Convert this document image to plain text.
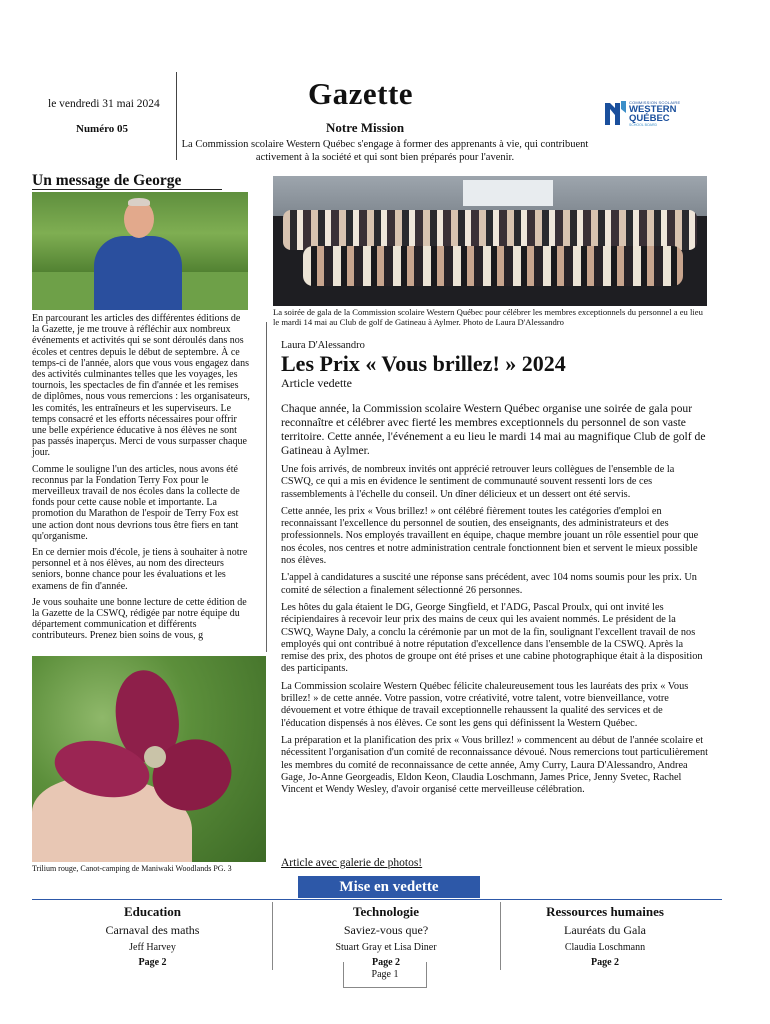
le vendredi 31 mai 2024
Numéro 05
Gazette
Notre Mission
La Commission scolaire Western Québec s'engage à former des apprenants à vie, qui contribuent activement à la société et qui sont bien préparés pour l'avenir.
COMMISSION SCOLAIRE
WESTERN
QUÉBEC
SCHOOL BOARD
Un message de George

En parcourant les articles des différentes éditions de la Gazette, je me trouve à réfléchir aux nombreux événements et activités qui se sont déroulés dans nos écoles et centres depuis le début de septembre. À ce temps-ci de l'année, alors que vous vous engagez dans des activités culminantes telles que les voyages, les tournois, les spectacles de fin d'année et les remises de diplômes, nous vous remercions : les organisateurs, les comités, les entraîneurs et les superviseurs. Le temps consacré et les efforts nécessaires pour offrir une belle expérience éducative à nos élèves ne sont pas passés inaperçus. Merci de vous surpasser chaque jour.

Comme le souligne l'un des articles, nous avons été reconnus par la Fondation Terry Fox pour le merveilleux travail de nos écoles dans la collecte de fonds pour cette cause noble et importante. La promotion du Marathon de l'espoir de Terry Fox est une action dont nous devrions tous être fiers en tant qu'organisme.

En ce dernier mois d'école, je tiens à souhaiter à notre personnel et à nos élèves, au nom des directeurs seniors, bonne chance pour les évaluations et les examens de fin d'année.

Je vous souhaite une bonne lecture de cette édition de la Gazette de la CSWQ, rédigée par notre équipe du département communication et différents contributeurs. Prenez bien soins de vous, g

Trilium rouge, Canot-camping de Maniwaki Woodlands PG. 3
La soirée de gala de la Commission scolaire Western Québec pour célébrer les membres exceptionnels du personnel a eu lieu le mardi 14 mai au Club de golf de Gatineau à Aylmer. Photo de Laura D'Alessandro
Laura D'Alessandro
Les Prix « Vous brillez! » 2024
Article vedette

Chaque année, la Commission scolaire Western Québec organise une soirée de gala pour reconnaître et célébrer avec fierté les membres exceptionnels du personnel de son vaste territoire. Cette année, l'événement a eu lieu le mardi 14 mai au magnifique Club de golf de Gatineau à Aylmer.

Une fois arrivés, de nombreux invités ont apprécié retrouver leurs collègues de l'ensemble de la CSWQ, ce qui a mis en évidence le sentiment de communauté souvent ressenti lors de ces rassemblements à l'échelle du conseil. Un dîner délicieux et un dessert ont été servis.

Cette année, les prix « Vous brillez! » ont célébré fièrement toutes les catégories d'emploi en reconnaissant l'excellence du personnel de soutien, des enseignants, des administrateurs et des professionnels. Nos employés travaillent en équipe, chaque membre jouant un rôle essentiel pour que nos écoles, nos centres et notre administration centrale fonctionnent bien et servent le mieux possible nos élèves.

L'appel à candidatures a suscité une réponse sans précédent, avec 104 noms soumis pour les prix. Un comité de sélection a finalement sélectionné 26 personnes.

Les hôtes du gala étaient le DG, George Singfield, et l'ADG, Pascal Proulx, qui ont invité les récipiendaires à recevoir leur prix des mains de ceux qui les avaient nommés. Le président de la CSWQ, Wayne Daly, a conclu la cérémonie par un mot de la fin, soulignant l'excellent travail de nos employés qui ont contribué à notre réputation d'excellence dans l'ensemble de la CSWQ. Après la remise des prix, des photos de groupe ont été prises et une cabine photographique était à la disposition des participants.

La Commission scolaire Western Québec félicite chaleureusement tous les lauréats des prix « Vous brillez! » de cette année. Votre passion, votre créativité, votre talent, votre bienveillance, votre dévouement et votre éthique de travail exceptionnelle rehaussent la qualité des services et de l'éducation dispensés à nos élèves. Ce sont les gens qui définissent la Western Québec.

La préparation et la planification des prix « Vous brillez! » commencent au début de l'année scolaire et nécessitent l'organisation d'un comité de reconnaissance dévoué. Nous remercions tout particulièrement les membres du comité de reconnaissance de cette année, Amy Curry, Laura D'Alessandro, Andrea Gage, Jo-Anne Georgeadis, Eldon Keon, Claudia Loschmann, James Price, Jenny Svetec, Rachel Vincent et Wendy Wesley, d'avoir organisé cette merveilleuse célébration.

Article avec galerie de photos!
Mise en vedette
Education
Carnaval des maths
Jeff Harvey
Page 2
Technologie
Saviez-vous que?
Stuart Gray et Lisa Diner
Page 2
Ressources humaines
Lauréats du Gala
Claudia Loschmann
Page 2
Page 1
